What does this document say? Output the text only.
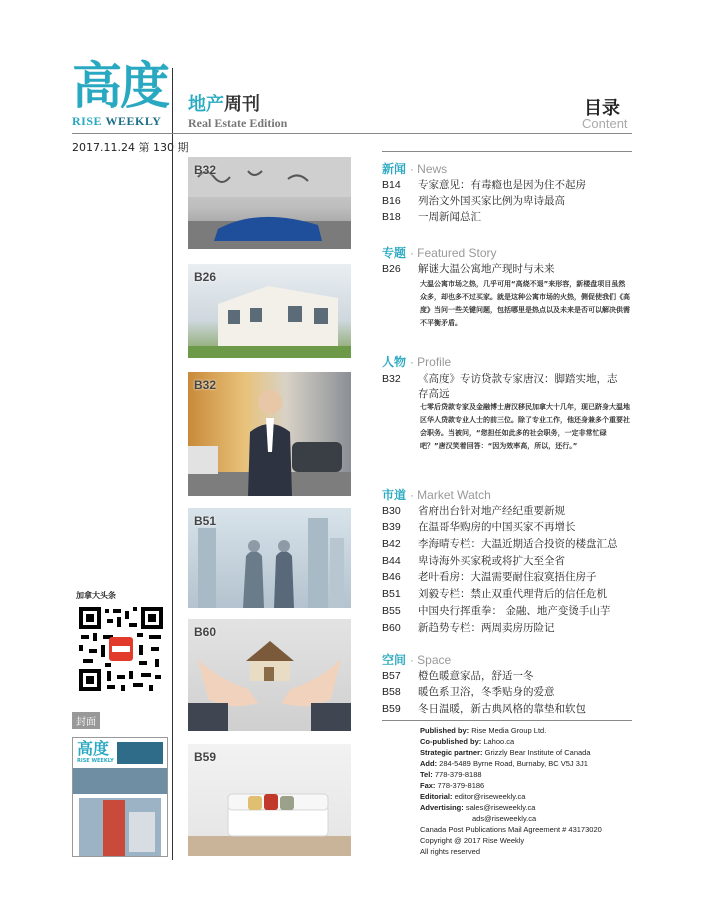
高度
RISE WEEKLY
地产周刊
Real Estate Edition
目录
Content
2017.11.24 第 130 期
B32
B26
B32
B51
B60
B59
新闻 · News
B14 专家意见：有毒瘾也是因为住不起房
B16 列治文外国买家比例为卑诗最高
B18 一周新闻总汇
专题 · Featured Story
B26 解谜大温公寓地产现时与未来
大温公寓市场之热，几乎可用“高烧不退”来形容，新楼盘项目虽然众多，却也多不过买家。就是这种公寓市场的火热，侧促使我们《高度》当问一些关键问题，包括哪里是热点以及未来是否可以解决供需不平衡矛盾。
人物 · Profile
B32 《高度》专访贷款专家唐汉：脚踏实地，志
存高远
七零后贷款专家及金融博士唐汉移民加拿大十几年，现已跻身大温地区华人贷款专业人士的前三位。除了专业工作，他还身兼多个重要社会职务。当被问，“您担任如此多的社会职务，一定非常忙碌吧？”唐汉笑着回答：“因为效率高，所以，还行。”
市道 · Market Watch
B30 省府出台针对地产经纪重要新规
B39 在温哥华购房的中国买家不再增长
B42 李海晴专栏：大温近期适合投资的楼盘汇总
B44 卑诗海外买家税或将扩大至全省
B46 老叶看房：大温需要耐住寂寞捂住房子
B51 刘毅专栏：禁止双重代理背后的信任危机
B55 中国央行挥重拳： 金融、地产变烫手山芋
B60 新趋势专栏：两周卖房历险记
空间 · Space
B57 橙色暖意家品，舒适一冬
B58 暖色系卫浴，冬季贴身的爱意
B59 冬日温暖，新古典风格的靠垫和软包
加拿大头条
封面
高度
RISE WEEKLY
Published by: Rise Media Group Ltd.
Co-published by: Lahoo.ca
Strategic partner: Grizzly Bear Institute of Canada
Add: 284-5489 Byrne Road, Burnaby, BC V5J 3J1
Tel: 778-379-8188
Fax: 778-379-8186
Editorial: editor@riseweekly.ca
Advertising: sales@riseweekly.ca
ads@riseweekly.ca
Canada Post Publications Mail Agreement # 43173020
Copyright @ 2017 Rise Weekly
All rights reserved
